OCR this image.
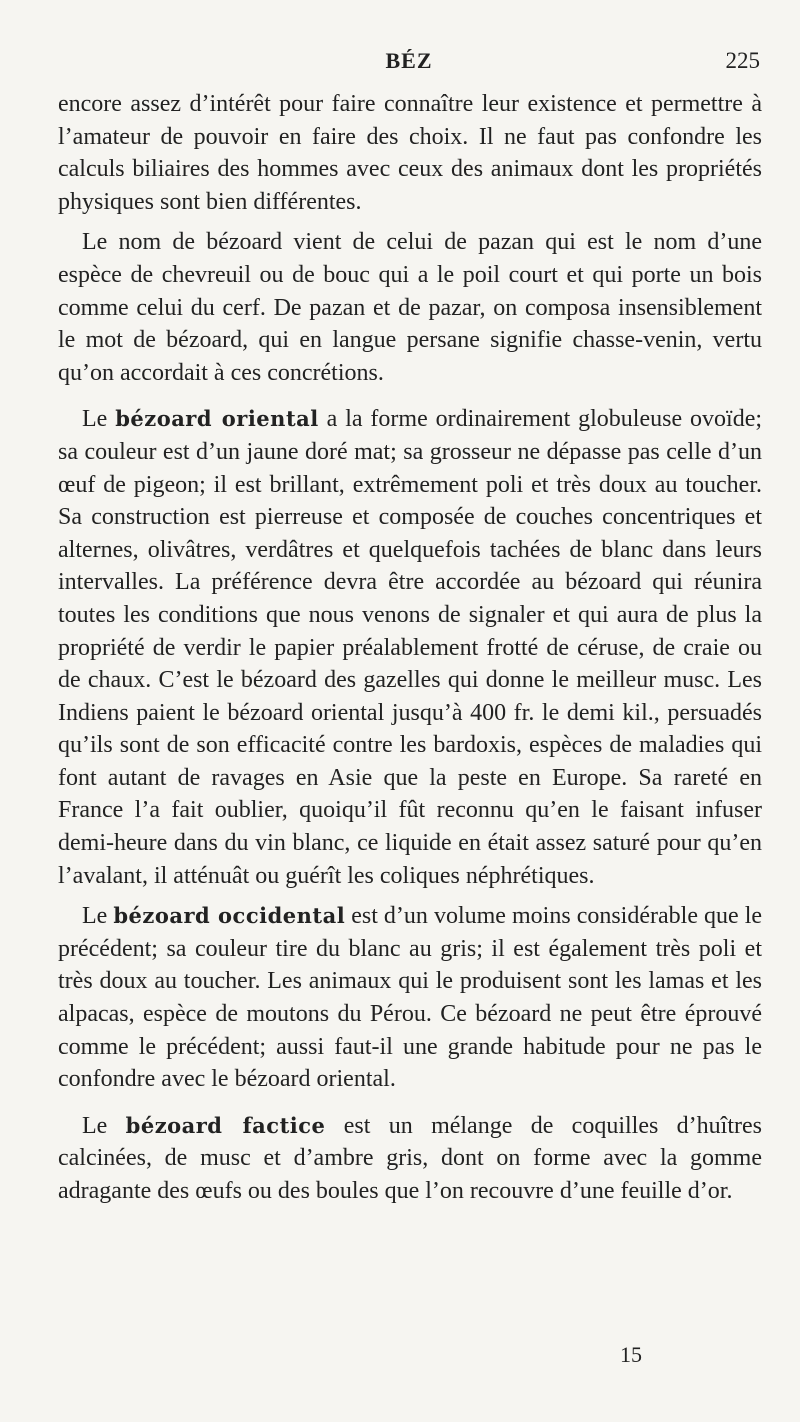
BÉZ	225

encore assez d’intérêt pour faire connaître leur existence et permettre à l’amateur de pouvoir en faire des choix. Il ne faut pas confondre les calculs biliaires des hommes avec ceux des animaux dont les propriétés physiques sont bien différentes.

Le nom de bézoard vient de celui de pazan qui est le nom d’une espèce de chevreuil ou de bouc qui a le poil court et qui porte un bois comme celui du cerf. De pazan et de pazar, on composa insensiblement le mot de bézoard, qui en langue persane signifie chasse-venin, vertu qu’on accordait à ces concrétions.

Le bézoard oriental a la forme ordinairement globuleuse ovoïde; sa couleur est d’un jaune doré mat; sa grosseur ne dépasse pas celle d’un œuf de pigeon; il est brillant, extrêmement poli et très doux au toucher. Sa construction est pierreuse et composée de couches concentriques et alternes, olivâtres, verdâtres et quelquefois tachées de blanc dans leurs intervalles. La préférence devra être accordée au bézoard qui réunira toutes les conditions que nous venons de signaler et qui aura de plus la propriété de verdir le papier préalablement frotté de céruse, de craie ou de chaux. C’est le bézoard des gazelles qui donne le meilleur musc. Les Indiens paient le bézoard oriental jusqu’à 400 fr. le demi kil., persuadés qu’ils sont de son efficacité contre les bardoxis, espèces de maladies qui font autant de ravages en Asie que la peste en Europe. Sa rareté en France l’a fait oublier, quoiqu’il fût reconnu qu’en le faisant infuser demi-heure dans du vin blanc, ce liquide en était assez saturé pour qu’en l’avalant, il atténuât ou guérît les coliques néphrétiques.

Le bézoard occidental est d’un volume moins considérable que le précédent; sa couleur tire du blanc au gris; il est également très poli et très doux au toucher. Les animaux qui le produisent sont les lamas et les alpacas, espèce de moutons du Pérou. Ce bézoard ne peut être éprouvé comme le précédent; aussi faut-il une grande habitude pour ne pas le confondre avec le bézoard oriental.

Le bézoard factice est un mélange de coquilles d’huîtres calcinées, de musc et d’ambre gris, dont on forme avec la gomme adragante des œufs ou des boules que l’on recouvre d’une feuille d’or.

15
